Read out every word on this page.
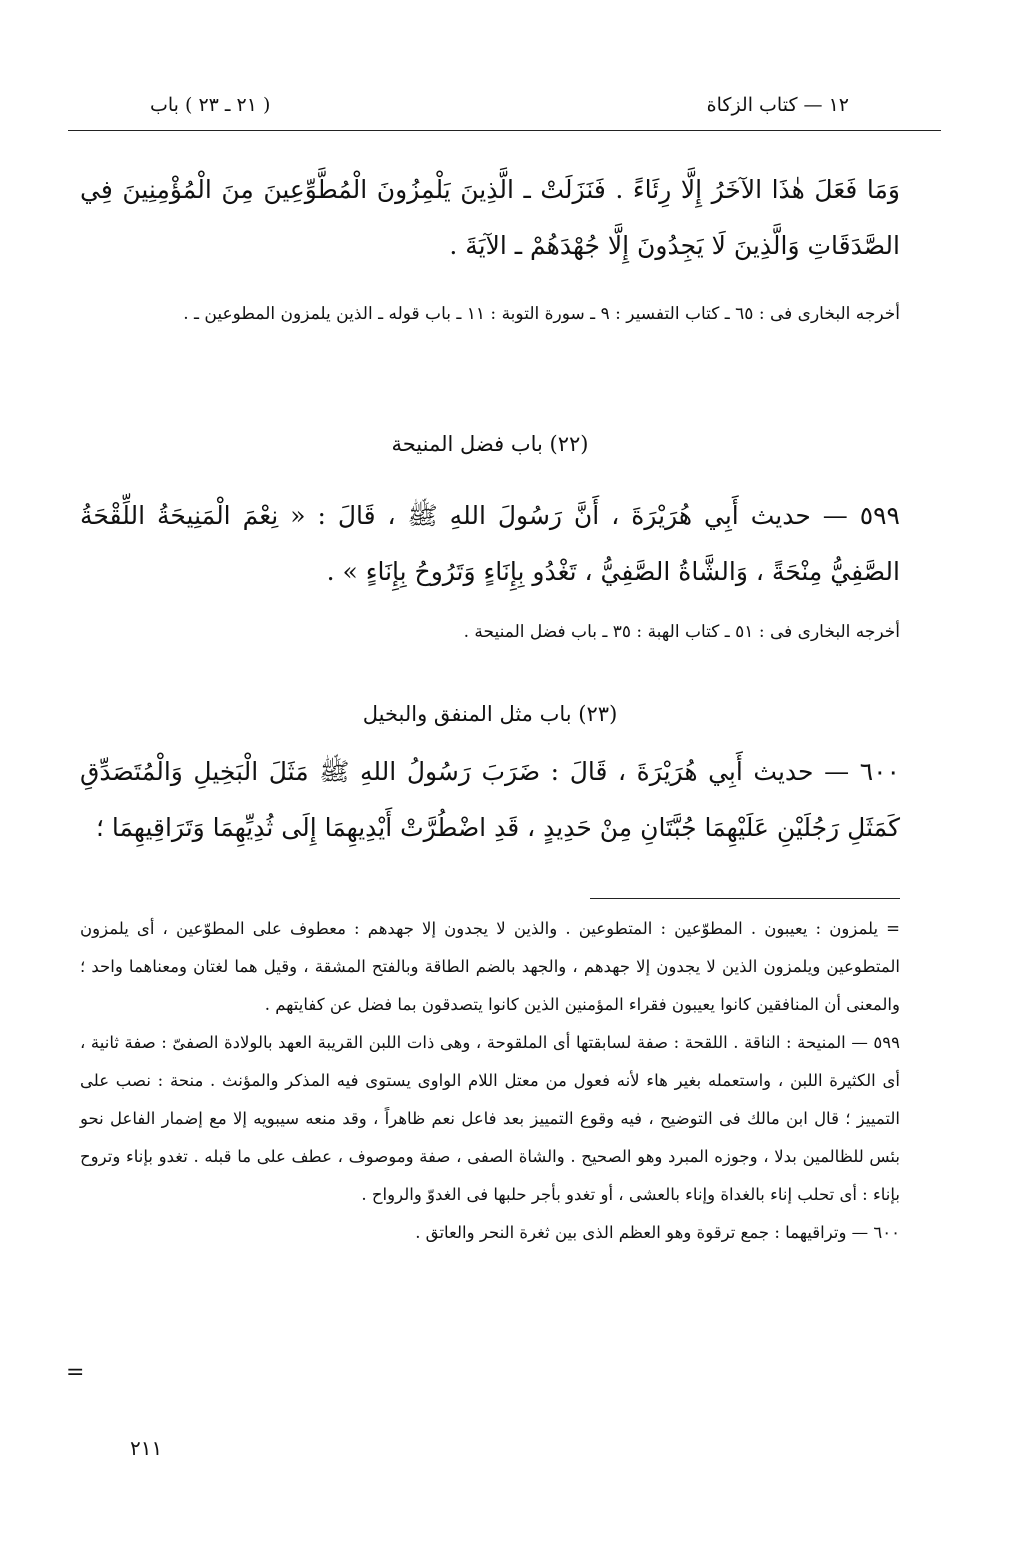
١٢ — كتاب الزكاة
( ٢١ ـ ٢٣ ) باب
وَمَا فَعَلَ هٰذَا الآخَرُ إِلَّا رِئَاءً . فَنَزَلَتْ ـ الَّذِينَ يَلْمِزُونَ الْمُطَّوِّعِينَ مِنَ الْمُؤْمِنِينَ فِي الصَّدَقَاتِ وَالَّذِينَ لَا يَجِدُونَ إِلَّا جُهْدَهُمْ ـ الآيَةَ .
أخرجه البخارى فى : ٦٥ ـ كتاب التفسير : ٩ ـ سورة التوبة : ١١ ـ باب قوله ـ الذين يلمزون المطوعين ـ .
(٢٢) باب فضل المنيحة
٥٩٩ — حديث أَبِي هُرَيْرَةَ ، أَنَّ رَسُولَ اللهِ ﷺ ، قَالَ : « نِعْمَ الْمَنِيحَةُ اللِّقْحَةُ الصَّفِيُّ مِنْحَةً ، وَالشَّاةُ الصَّفِيُّ ، تَغْدُو بِإِنَاءٍ وَتَرُوحُ بِإِنَاءٍ » .
أخرجه البخارى فى : ٥١ ـ كتاب الهبة : ٣٥ ـ باب فضل المنيحة .
(٢٣) باب مثل المنفق والبخيل
٦٠٠ — حديث أَبِي هُرَيْرَةَ ، قَالَ : ضَرَبَ رَسُولُ اللهِ ﷺ مَثَلَ الْبَخِيلِ وَالْمُتَصَدِّقِ كَمَثَلِ رَجُلَيْنِ عَلَيْهِمَا جُبَّتَانِ مِنْ حَدِيدٍ ، قَدِ اضْطُرَّتْ أَيْدِيهِمَا إِلَى ثُدِيِّهِمَا وَتَرَاقِيهِمَا ؛

= يلمزون : يعيبون . المطوّعين : المتطوعين . والذين لا يجدون إلا جهدهم : معطوف على المطوّعين ، أى يلمزون المتطوعين ويلمزون الذين لا يجدون إلا جهدهم ، والجهد بالضم الطاقة وبالفتح المشقة ، وقيل هما لغتان ومعناهما واحد ؛ والمعنى أن المنافقين كانوا يعيبون فقراء المؤمنين الذين كانوا يتصدقون بما فضل عن كفايتهم .

٥٩٩ — المنيحة : الناقة . اللقحة : صفة لسابقتها أى الملقوحة ، وهى ذات اللبن القريبة العهد بالولادة الصفىّ : صفة ثانية ، أى الكثيرة اللبن ، واستعمله بغير هاء لأنه فعول من معتل اللام الواوى يستوى فيه المذكر والمؤنث . منحة : نصب على التمييز ؛ قال ابن مالك فى التوضيح ، فيه وقوع التمييز بعد فاعل نعم ظاهراً ، وقد منعه سيبويه إلا مع إضمار الفاعل نحو بئس للظالمين بدلا ، وجوزه المبرد وهو الصحيح . والشاة الصفى ، صفة وموصوف ، عطف على ما قبله . تغدو بإناء وتروح بإناء : أى تحلب إناء بالغداة وإناء بالعشى ، أو تغدو بأجر حلبها فى الغدوّ والرواح .

٦٠٠ — وتراقيهما : جمع ترقوة وهو العظم الذى بين ثغرة النحر والعاتق .

=
٢١١
